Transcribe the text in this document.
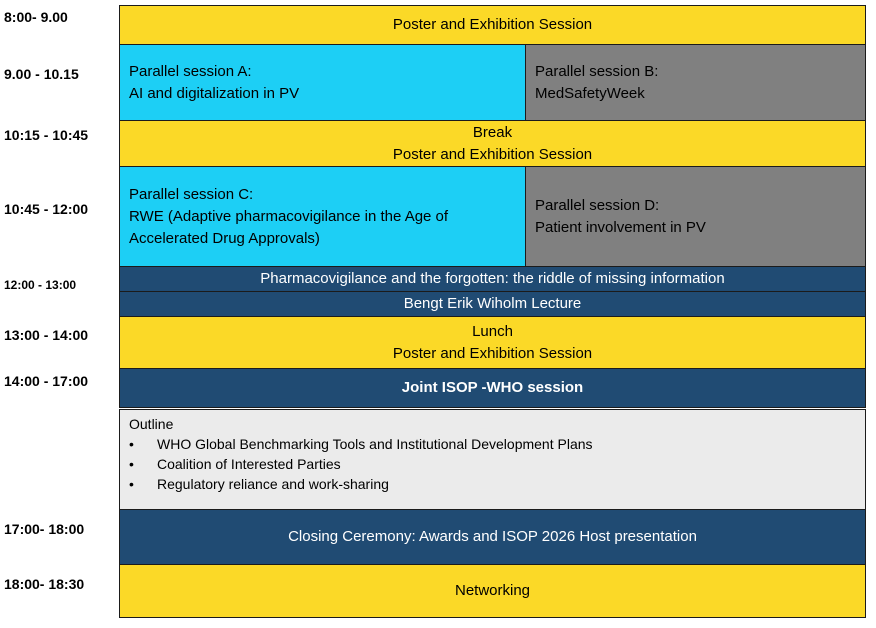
8:00- 9.00
9.00 - 10.15
10:15 - 10:45
10:45 - 12:00
12:00 - 13:00
13:00 - 14:00
14:00 - 17:00
17:00- 18:00
18:00- 18:30
Poster and Exhibition Session
Parallel session A:
AI and digitalization in PV
Parallel session B:
MedSafetyWeek
Break
Poster and Exhibition Session
Parallel session C:
RWE (Adaptive pharmacovigilance in the Age of
Accelerated Drug Approvals)
Parallel session D:
Patient involvement in PV
Pharmacovigilance and the forgotten: the riddle of missing information
Bengt Erik Wiholm Lecture
Lunch
Poster and Exhibition Session
Joint ISOP -WHO session
Outline
• WHO Global Benchmarking Tools and Institutional Development Plans
• Coalition of Interested Parties
• Regulatory reliance and work-sharing
Closing Ceremony: Awards and ISOP 2026 Host presentation
Networking
